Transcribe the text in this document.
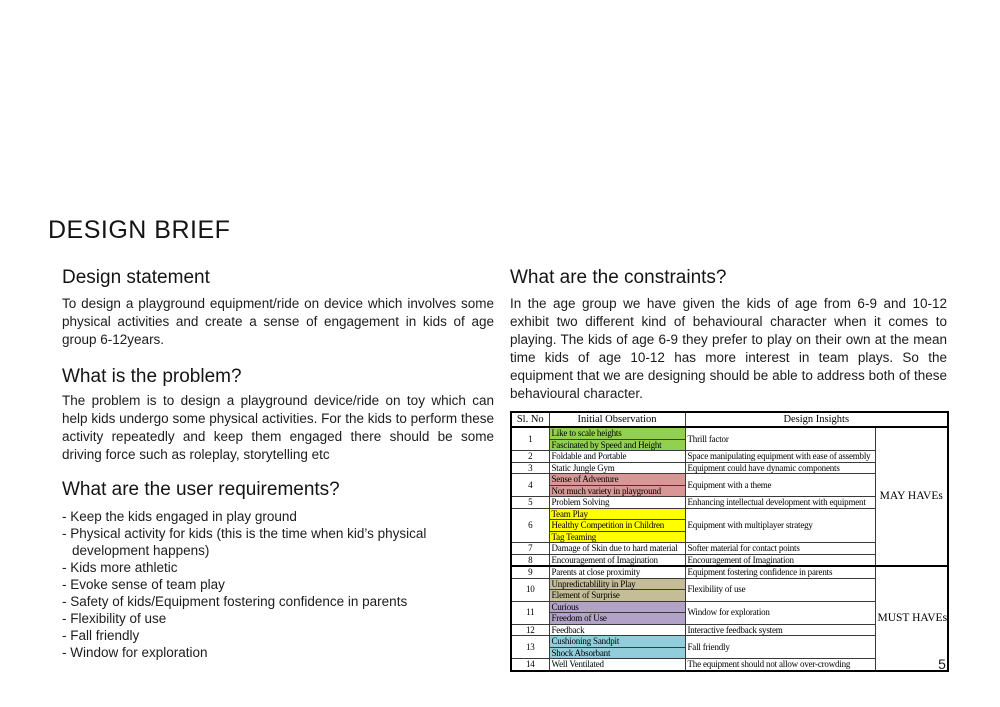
DESIGN BRIEF
Design statement

To design a playground equipment/ride on device which involves some physical activities and create a sense of engagement in kids of age group 6-12years.

What is the problem?

The problem is to design a playground device/ride on toy which can help kids undergo some physical activities. For the kids to perform these activity repeatedly and keep them engaged there should be some driving force such as roleplay, storytelling etc

What are the user requirements?
- Keep the kids engaged in play ground
- Physical activity for kids (this is the time when kid’s physical development happens)
- Kids more athletic
- Evoke sense of team play
- Safety of kids/Equipment fostering confidence in parents
- Flexibility of use
- Fall friendly
- Window for exploration
What are the constraints?

In the age group we have given the kids of age from 6-9 and 10-12 exhibit two different kind of behavioural character when it comes to playing. The kids of age 6-9 they prefer to play on their own at the mean time kids of age 10-12 has more interest in team plays. So the equipment that we are designing should be able to address both of these behavioural character.

Sl. No	Initial Observation	Design Insights	
1	Like to scale heights	Thrill factor	MAY HAVEs
	Fascinated by Speed and Height		
2	Foldable and Portable	Space manipulating equipment with ease of assembly	
3	Static Jungle Gym	Equipment could have dynamic components	
4	Sense of Adventure	Equipment with a theme	
	Not much variety in playground		
5	Problem Solving	Enhancing intellectual development with equipment	
6	Team Play	Equipment with multiplayer strategy	
	Healthy Competition in Children		
	Tag Teaming		
7	Damage of Skin due to hard material	Softer material for contact points	
8	Encouragement of Imagination	Encouragement of Imagination	
9	Parents at close proximity	Equipment fostering confidence in parents	MUST HAVEs
10	Unpredictablility in Play	Flexibility of use	
	Element of Surprise		
11	Curious	Window for exploration	
	Freedom of Use		
12	Feedback	Interactive feedback system	
13	Cushioning Sandpit	Fall friendly	
	Shock Absorbant		
14	Well Ventilated	The equipment should not allow over-crowding		5
